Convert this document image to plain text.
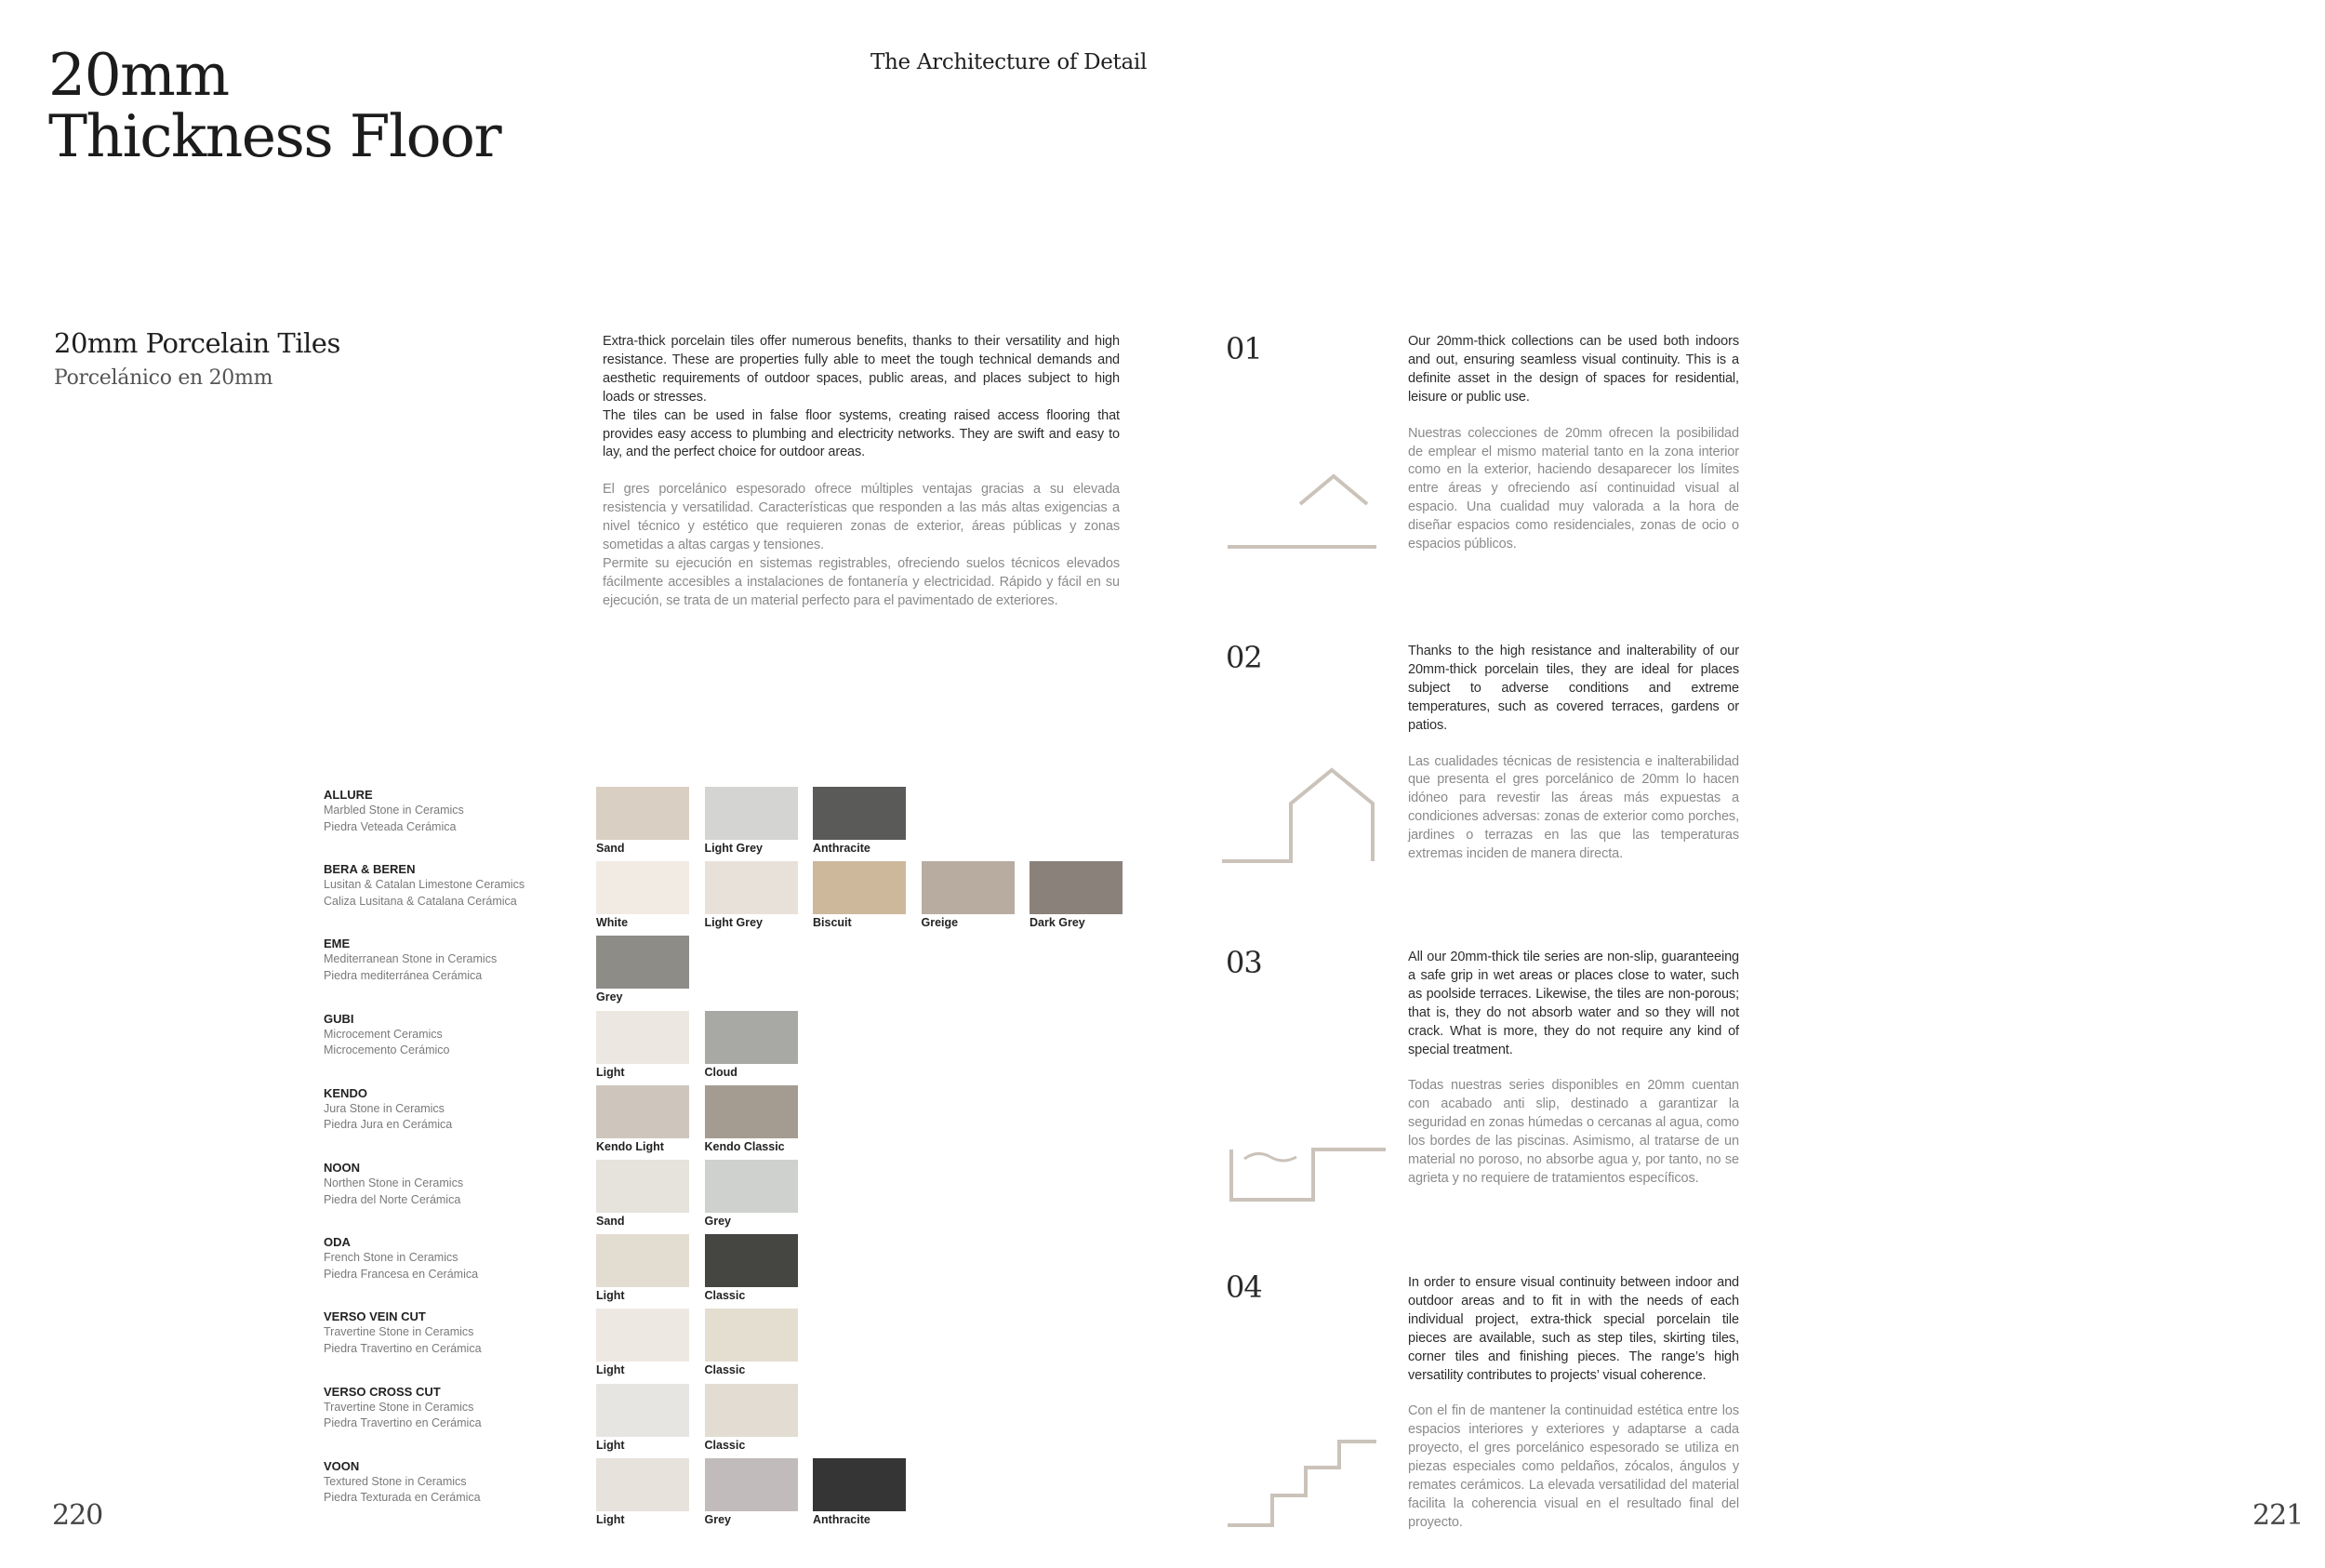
20mm
Thickness Floor
The Architecture of Detail
20mm Porcelain Tiles
Porcelánico en 20mm

Extra-thick porcelain tiles offer numerous benefits, thanks to their versatility and high resistance. These are properties fully able to meet the tough technical demands and aesthetic requirements of outdoor spaces, public areas, and places subject to high loads or stresses.

The tiles can be used in false floor systems, creating raised access flooring that provides easy access to plumbing and electricity networks. They are swift and easy to lay, and the perfect choice for outdoor areas.

El gres porcelánico espesorado ofrece múltiples ventajas gracias a su elevada resistencia y versatilidad. Características que responden a las más altas exigencias a nivel técnico y estético que requieren zonas de exterior, áreas públicas y zonas sometidas a altas cargas y tensiones.

Permite su ejecución en sistemas registrables, ofreciendo suelos técnicos elevados fácilmente accesibles a instalaciones de fontanería y electricidad. Rápido y fácil en su ejecución, se trata de un material perfecto para el pavimentado de exteriores.

ALLURE
Marbled Stone in Ceramics
Piedra Veteada Cerámica
Sand	Light Grey	Anthracite
BERA & BEREN
Lusitan & Catalan Limestone Ceramics
Caliza Lusitana & Catalana Cerámica
White	Light Grey	Biscuit	Greige	Dark Grey
EME
Mediterranean Stone in Ceramics
Piedra mediterránea Cerámica
Grey
GUBI
Microcement Ceramics
Microcemento Cerámico
Light	Cloud
KENDO
Jura Stone in Ceramics
Piedra Jura en Cerámica
Kendo Light	Kendo Classic
NOON
Northen Stone in Ceramics
Piedra del Norte Cerámica
Sand	Grey
ODA
French Stone in Ceramics
Piedra Francesa en Cerámica
Light	Classic
VERSO VEIN CUT
Travertine Stone in Ceramics
Piedra Travertino en Cerámica
Light	Classic
VERSO CROSS CUT
Travertine Stone in Ceramics
Piedra Travertino en Cerámica
Light	Classic
VOON
Textured Stone in Ceramics
Piedra Texturada en Cerámica
Light	Grey	Anthracite
01	Our 20mm-thick collections can be used both indoors and out, ensuring seamless visual continuity. This is a definite asset in the design of spaces for residential, leisure or public use.

Nuestras colecciones de 20mm ofrecen la posibilidad de emplear el mismo material tanto en la zona interior como en la exterior, haciendo desaparecer los límites entre áreas y ofreciendo así continuidad visual al espacio. Una cualidad muy valorada a la hora de diseñar espacios como residenciales, zonas de ocio o espacios públicos.

02	Thanks to the high resistance and inalterability of our 20mm-thick porcelain tiles, they are ideal for places subject to adverse conditions and extreme temperatures, such as covered terraces, gardens or patios.

Las cualidades técnicas de resistencia e inalterabilidad que presenta el gres porcelánico de 20mm lo hacen idóneo para revestir las áreas más expuestas a condiciones adversas: zonas de exterior como porches, jardines o terrazas en las que las temperaturas extremas inciden de manera directa.

03	All our 20mm-thick tile series are non-slip, guaranteeing a safe grip in wet areas or places close to water, such as poolside terraces. Likewise, the tiles are non-porous; that is, they do not absorb water and so they will not crack. What is more, they do not require any kind of special treatment.

Todas nuestras series disponibles en 20mm cuentan con acabado anti slip, destinado a garantizar la seguridad en zonas húmedas o cercanas al agua, como los bordes de las piscinas. Asimismo, al tratarse de un material no poroso, no absorbe agua y, por tanto, no se agrieta y no requiere de tratamientos específicos.

04	In order to ensure visual continuity between indoor and outdoor areas and to fit in with the needs of each individual project, extra-thick special porcelain tile pieces are available, such as step tiles, skirting tiles, corner tiles and finishing pieces. The range’s high versatility contributes to projects’ visual coherence.

Con el fin de mantener la continuidad estética entre los espacios interiores y exteriores y adaptarse a cada proyecto, el gres porcelánico espesorado se utiliza en piezas especiales como peldaños, zócalos, ángulos y remates cerámicos. La elevada versatilidad del material facilita la coherencia visual en el resultado final del proyecto.

220	221
